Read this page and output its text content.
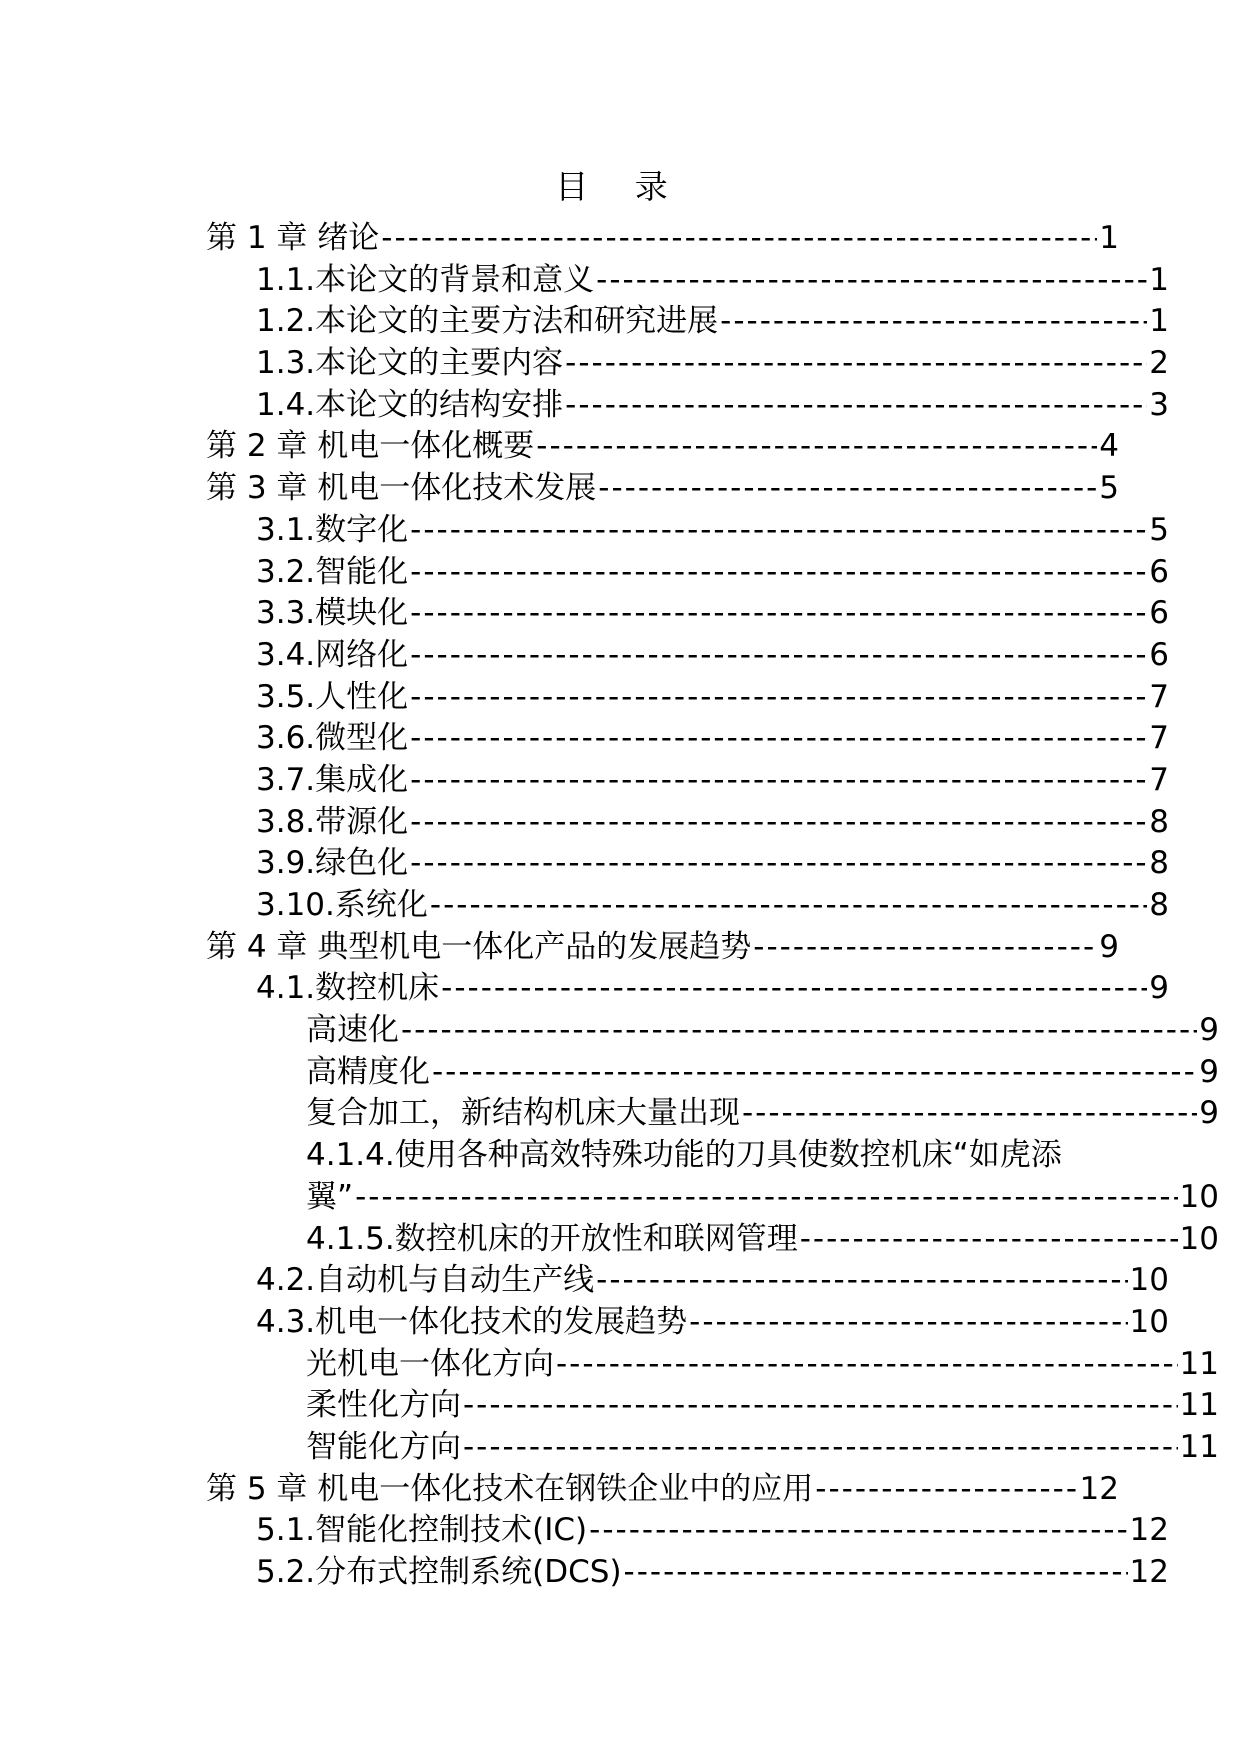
目 录
第 1 章 绪论 -----	1
1.1.本论文的背景和意义 -----	1
1.2.本论文的主要方法和研究进展 -----	1
1.3.本论文的主要内容 -----	2
1.4.本论文的结构安排 -----	3
第 2 章 机电一体化概要 -----	4
第 3 章 机电一体化技术发展 -----	5
3.1.数字化 -----	5
3.2.智能化 -----	6
3.3.模块化 -----	6
3.4.网络化 -----	6
3.5.人性化 -----	7
3.6.微型化 -----	7
3.7.集成化 -----	7
3.8.带源化 -----	8
3.9.绿色化 -----	8
3.10.系统化 -----	8
第 4 章 典型机电一体化产品的发展趋势 -----	9
4.1.数控机床 -----	9
高速化 -----	9
高精度化 -----	9
复合加工，新结构机床大量出现 -----	9
4.1.4.使用各种高效特殊功能的刀具使数控机床“如虎添
翼” -----	10
4.1.5.数控机床的开放性和联网管理 -----	10
4.2.自动机与自动生产线 -----	10
4.3.机电一体化技术的发展趋势 -----	10
光机电一体化方向 -----	11
柔性化方向 -----	11
智能化方向 -----	11
第 5 章 机电一体化技术在钢铁企业中的应用 -----	12
5.1.智能化控制技术(IC) -----	12
5.2.分布式控制系统(DCS) -----	12
